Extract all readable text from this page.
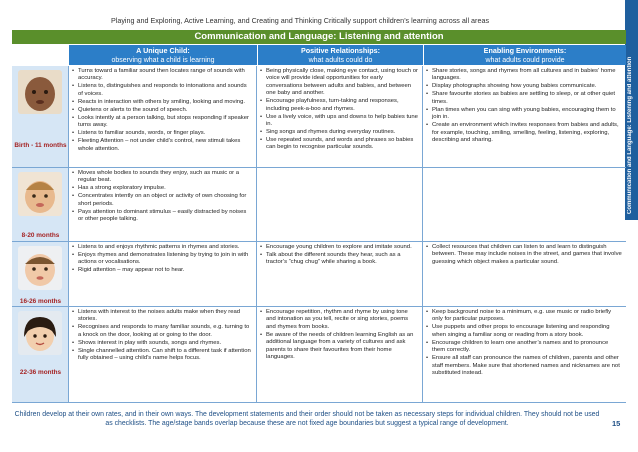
Playing and Exploring, Active Learning, and Creating and Thinking Critically support children’s learning across all areas
Communication and Language: Listening and attention
Communication and Language: Listening and attention
A Unique Child:
observing what a child is learning
Positive Relationships:
what adults could do
Enabling Environments:
what adults could provide
Birth - 11 months
• Turns toward a familiar sound then locates range of sounds with accuracy.
• Listens to, distinguishes and responds to intonations and sounds of voices.
• Reacts in interaction with others by smiling, looking and moving.
• Quietens or alerts to the sound of speech.
• Looks intently at a person talking, but stops responding if speaker turns away.
• Listens to familiar sounds, words, or finger plays.
• Fleeting Attention – not under child’s control, new stimuli takes whole attention.
• Being physically close, making eye contact, using touch or voice will provide ideal opportunities for early conversations between adults and babies, and between one baby and another.
• Encourage playfulness, turn-taking and responses, including peek-a-boo and rhymes.
• Use a lively voice, with ups and downs to help babies tune in.
• Sing songs and rhymes during everyday routines.
• Use repeated sounds, and words and phrases so babies can begin to recognise particular sounds.
• Share stories, songs and rhymes from all cultures and in babies’ home languages.
• Display photographs showing how young babies communicate.
• Share favourite stories as babies are settling to sleep, or at other quiet times.
• Plan times when you can sing with young babies, encouraging them to join in.
• Create an environment which invites responses from babies and adults, for example, touching, smiling, smelling, feeling, listening, exploring, describing and sharing.
8-20 months
• Moves whole bodies to sounds they enjoy, such as music or a regular beat.
• Has a strong exploratory impulse.
• Concentrates intently on an object or activity of own choosing for short periods.
• Pays attention to dominant stimulus – easily distracted by noises or other people talking.
16-26 months
• Listens to and enjoys rhythmic patterns in rhymes and stories.
• Enjoys rhymes and demonstrates listening by trying to join in with actions or vocalisations.
• Rigid attention – may appear not to hear.
• Encourage young children to explore and imitate sound.
• Talk about the different sounds they hear, such as a tractor’s “chug chug” while sharing a book.
• Collect resources that children can listen to and learn to distinguish between. These may include noises in the street, and games that involve guessing which object makes a particular sound.
22-36 months
• Listens with interest to the noises adults make when they read stories.
• Recognises and responds to many familiar sounds, e.g. turning to a knock on the door, looking at or going to the door.
• Shows interest in play with sounds, songs and rhymes.
• Single channelled attention. Can shift to a different task if attention fully obtained – using child’s name helps focus.
• Encourage repetition, rhythm and rhyme by using tone and intonation as you tell, recite or sing stories, poems and rhymes from books.
• Be aware of the needs of children learning English as an additional language from a variety of cultures and ask parents to share their favourites from their home languages.
• Keep background noise to a minimum, e.g. use music or radio briefly only for particular purposes.
• Use puppets and other props to encourage listening and responding when singing a familiar song or reading from a story book.
• Encourage children to learn one another’s names and to pronounce them correctly.
• Ensure all staff can pronounce the names of children, parents and other staff members. Make sure that shortened names and nicknames are not substituted instead.
Children develop at their own rates, and in their own ways. The development statements and their order should not be taken as necessary steps for individual children. They should not be used as checklists. The age/stage bands overlap because these are not fixed age boundaries but suggest a typical range of development.	15
